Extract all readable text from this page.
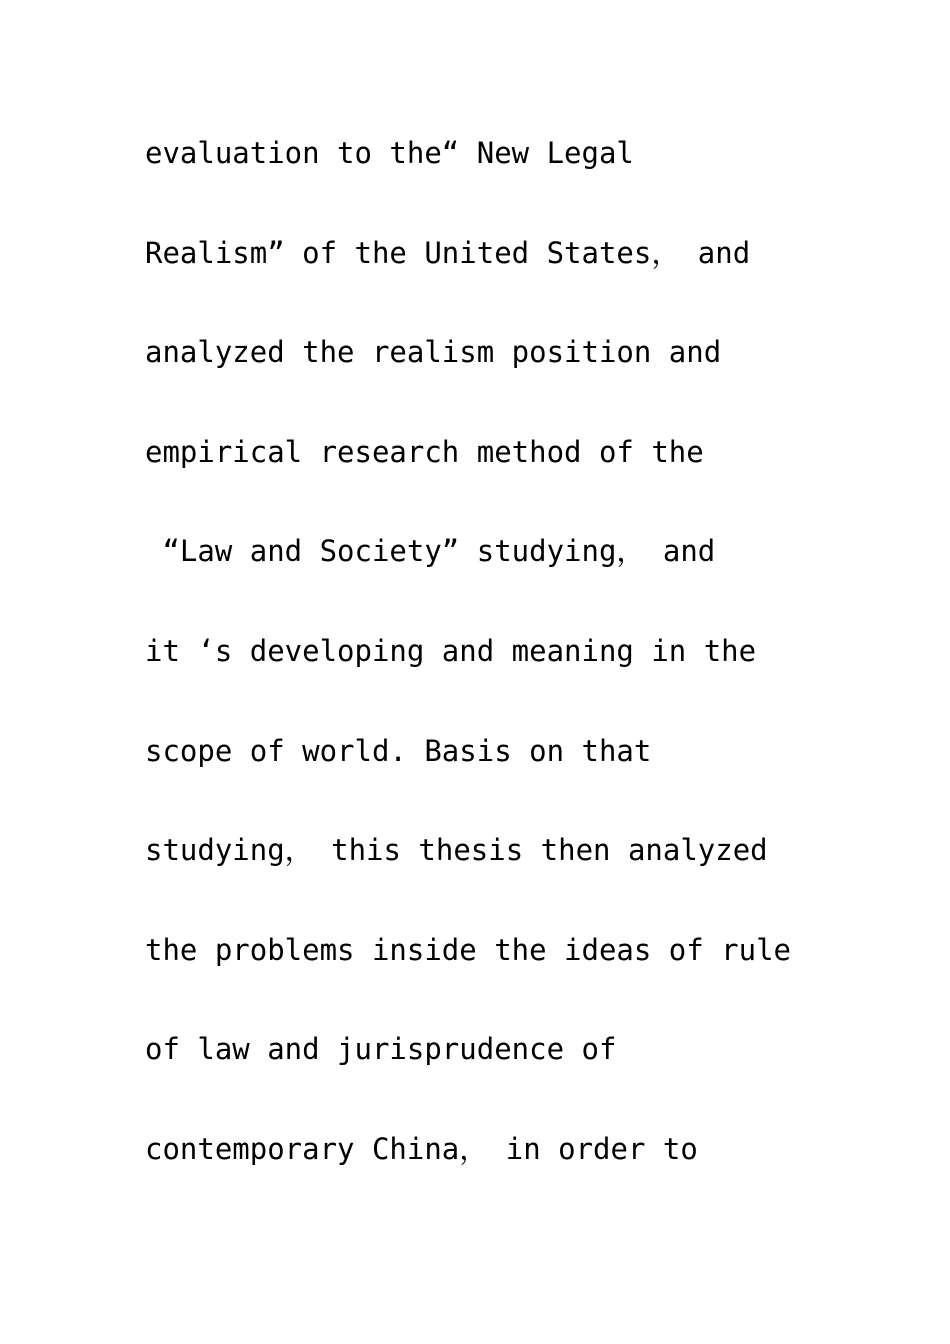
evaluation to the“ New Legal
Realism” of the United States， and
analyzed the realism position and
empirical research method of the
“Law and Society” studying， and
it ‘s developing and meaning in the
scope of world. Basis on that
studying， this thesis then analyzed
the problems inside the ideas of rule
of law and jurisprudence of
contemporary China， in order to
